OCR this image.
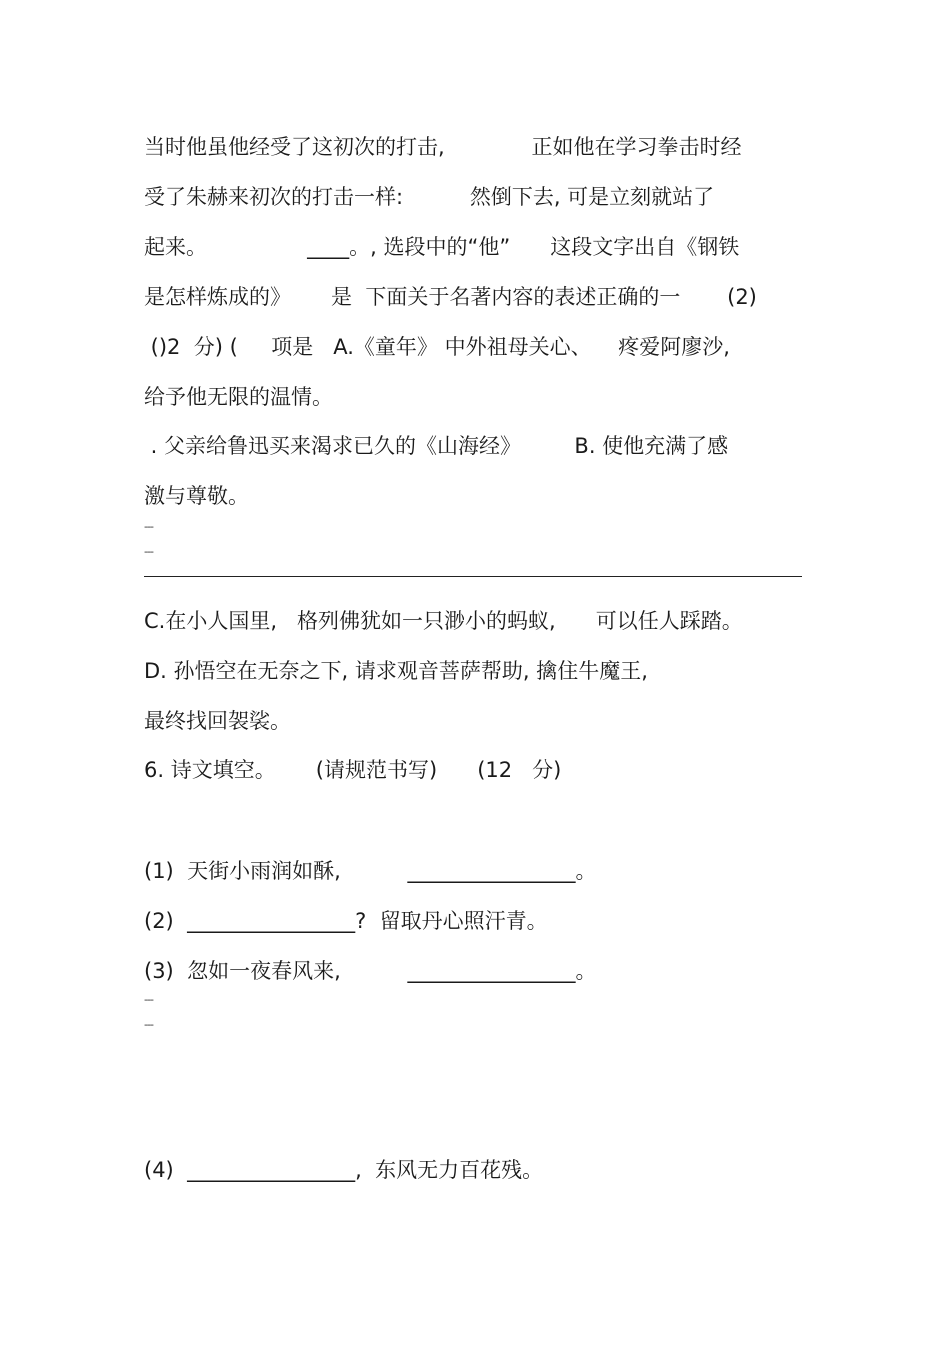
当时他虽他经受了这初次的打击,             正如他在学习拳击时经

受了朱赫来初次的打击一样:          然倒下去, 可是立刻就站了

起来。               ____。, 选段中的“他”      这段文字出自《钢铁

是怎样炼成的》      是  下面关于名著内容的表述正确的一       (2)

()2  分) (     项是   A.《童年》 中外祖母关心、    疼爱阿廖沙,

给予他无限的温情。

. 父亲给鲁迅买来渴求已久的《山海经》        B. 使他充满了感

激与尊敬。

---
---

C.在小人国里,   格列佛犹如一只渺小的蚂蚁,      可以任人踩踏。

D. 孙悟空在无奈之下, 请求观音菩萨帮助, 擒住牛魔王,

最终找回袈裟。

6. 诗文填空。      (请规范书写)      (12   分)

(1)  天街小雨润如酥,          ________________。

(2)  ________________?  留取丹心照汗青。

(3)  忽如一夜春风来,          ________________。

---
---

(4)  ________________,  东风无力百花残。
